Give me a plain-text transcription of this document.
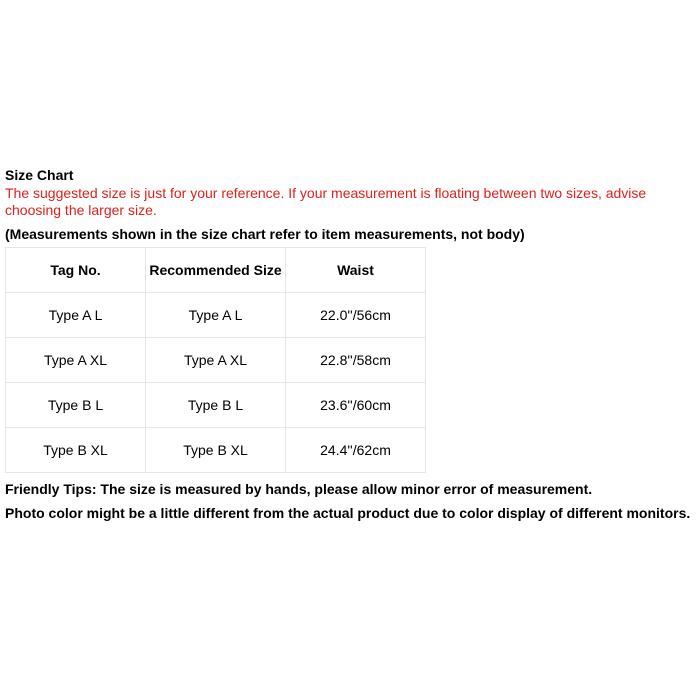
Size Chart

The suggested size is just for your reference. If your measurement is floating between two sizes, advise choosing the larger size.

(Measurements shown in the size chart refer to item measurements, not body)

Tag No.	Recommended Size	Waist
Type A L	Type A L	22.0''/56cm
Type A XL	Type A XL	22.8''/58cm
Type B L	Type B L	23.6''/60cm
Type B XL	Type B XL	24.4''/62cm

Friendly Tips: The size is measured by hands, please allow minor error of measurement.

Photo color might be a little different from the actual product due to color display of different monitors.
